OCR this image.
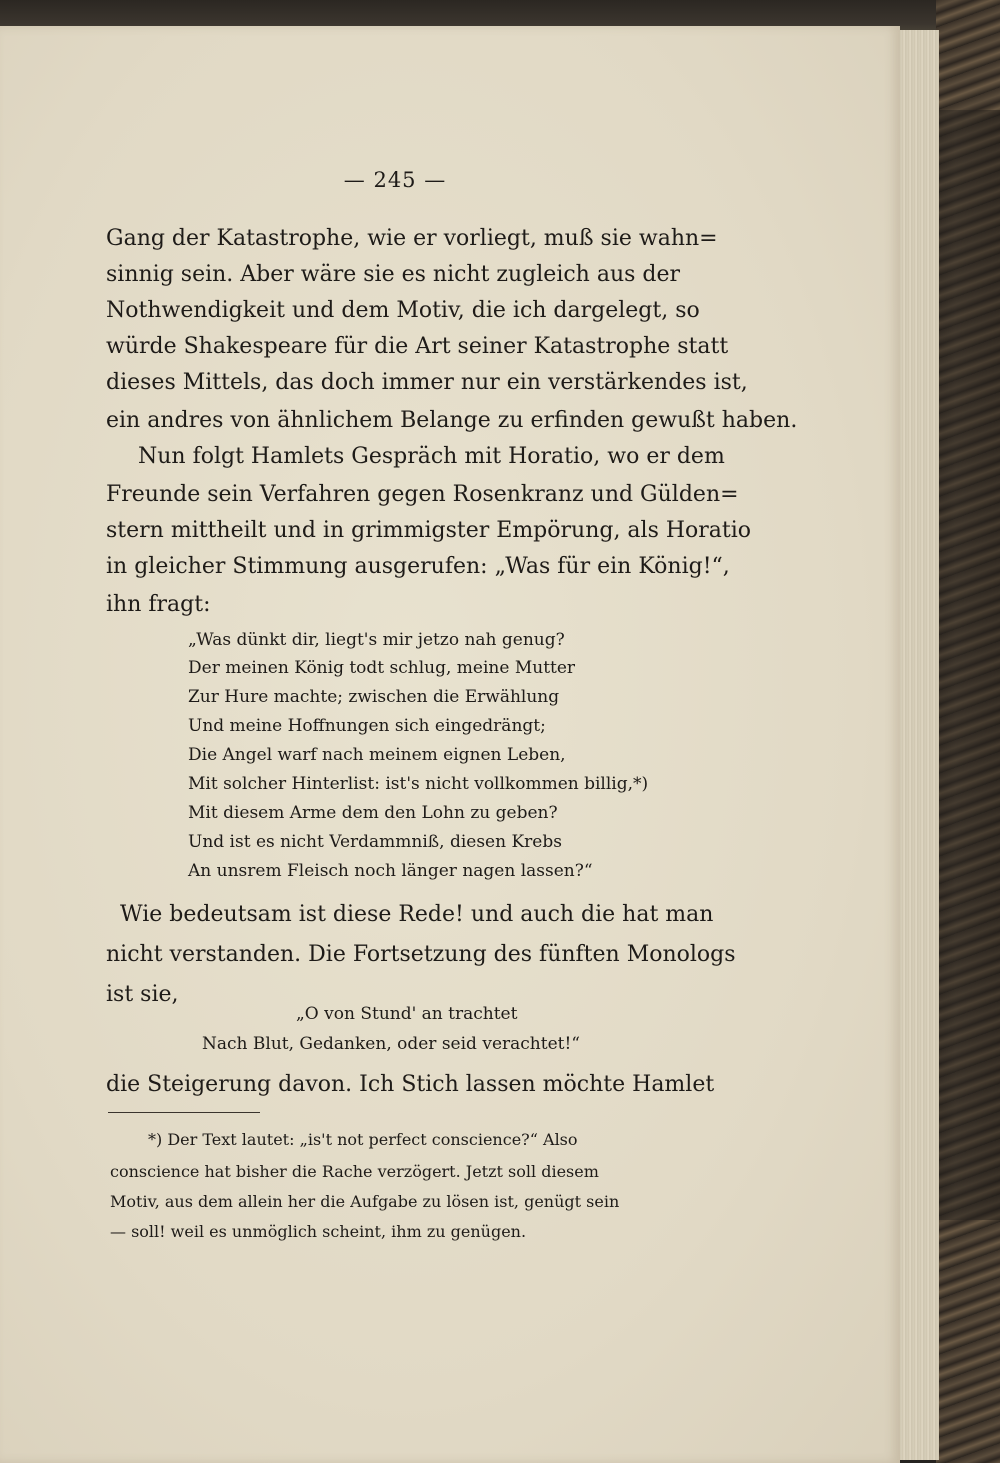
— 245 —
Gang der Katastrophe, wie er vorliegt, muß sie wahn=
sinnig sein. Aber wäre sie es nicht zugleich aus der
Nothwendigkeit und dem Motiv, die ich dargelegt, so
würde Shakespeare für die Art seiner Katastrophe statt
dieses Mittels, das doch immer nur ein verstärkendes ist,
ein andres von ähnlichem Belange zu erfinden gewußt haben.
Nun folgt Hamlets Gespräch mit Horatio, wo er dem
Freunde sein Verfahren gegen Rosenkranz und Gülden=
stern mittheilt und in grimmigster Empörung, als Horatio
in gleicher Stimmung ausgerufen: „Was für ein König!“,
ihn fragt:
„Was dünkt dir, liegt's mir jetzo nah genug?
Der meinen König todt schlug, meine Mutter
Zur Hure machte; zwischen die Erwählung
Und meine Hoffnungen sich eingedrängt;
Die Angel warf nach meinem eignen Leben,
Mit solcher Hinterlist: ist's nicht vollkommen billig,*)
Mit diesem Arme dem den Lohn zu geben?
Und ist es nicht Verdammniß, diesen Krebs
An unsrem Fleisch noch länger nagen lassen?“
Wie bedeutsam ist diese Rede! und auch die hat man
nicht verstanden. Die Fortsetzung des fünften Monologs
ist sie,
„O von Stund' an trachtet
Nach Blut, Gedanken, oder seid verachtet!“
die Steigerung davon. Ich Stich lassen möchte Hamlet
*) Der Text lautet: „is't not perfect conscience?“ Also
conscience hat bisher die Rache verzögert. Jetzt soll diesem
Motiv, aus dem allein her die Aufgabe zu lösen ist, genügt sein
— soll! weil es unmöglich scheint, ihm zu genügen.
